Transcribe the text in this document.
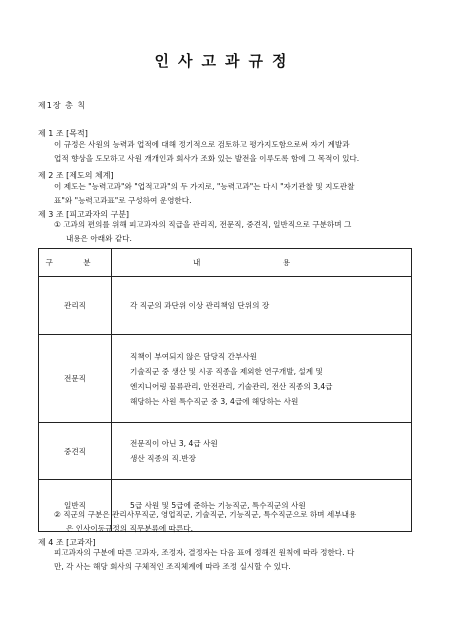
인사고과규정
제1장 총 칙
제 1 조 [목적]
이 규정은 사원의 능력과 업적에 대해 정기적으로 검토하고 평가지도함으로써 자기 계발과
업적 향상을 도모하고 사원 개개인과 회사가 조화 있는 발전을 이루도록 함에 그 목적이 있다.
제 2 조 [제도의 체계]
이 제도는 "능력고과"와 "업적고과"의 두 가지로, "능력고과"는 다시 "자기관찰 및 지도관찰
표"와 "능력고과표"로 구성하여 운영한다.
제 3 조 [피고과자의 구분]
① 고과의 편의를 위해 피고과자의 직급을 관리직, 전문직, 중견직, 일반직으로 구분하며 그
내용은 아래와 같다.
구 분	내 용
관리직	각 직군의 과단위 이상 관리책임 단위의 장

전문직	직책이 부여되지 않은 담당직 간부사원
기술직군 중 생산 및 시공 직종을 제외한 연구개발, 설계 및
엔지니어링 물류관리, 안전관리, 기술관리, 전산 직종의 3,4급
해당하는 사원 특수직군 중 3, 4급에 해당하는 사원

중견직	전문직이 아닌 3, 4급 사원
생산 직종의 직.반장

일반직	5급 사원 및 5급에 준하는 기능직군, 특수직군의 사원
② 직군의 구분은 관리사무직군, 영업직군, 기술직군, 기능직군, 특수직군으로 하며 세부내용
은 인사이동규정의 직무분류에 따른다.
제 4 조 [고과자]
피고과자의 구분에 따른 고과자, 조정자, 결정자는 다음 표에 정해진 원칙에 따라 정한다. 다
만, 각 사는 해당 회사의 구체적인 조직체계에 따라 조정 실시할 수 있다.
